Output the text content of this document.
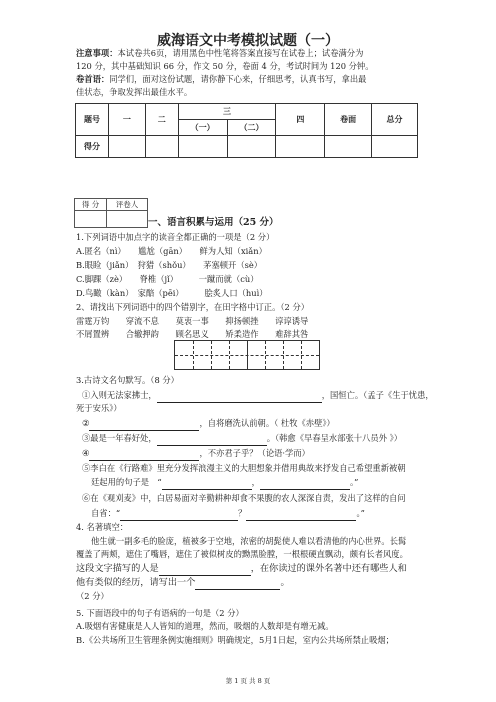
威海语文中考模拟试题（一）
注意事项：本试卷共6页，请用黑色中性笔将答案直接写在试卷上；试卷满分为
120 分，其中基础知识 66 分，作文 50 分，卷面 4 分，考试时间为 120 分钟。
卷首语：同学们，面对这份试题，请你静下心来，仔细思考，认真书写，拿出最
佳状态，争取发挥出最佳水平。
题号	一	二	三		四	卷面	总分
			（一）	（二）			
得分							
得 分	评卷人

一、语言积累与运用（25 分）
1.下列词语中加点字的读音全都正确的一项是（2 分）
A.匿名（nì）　　尴尬（gān）　　鲜为人知（xiǎn）
B.眼睑（jiǎn）　狩猎（shǒu）　　茅塞顿开（sè）
C.脚踝（zè）　　脊椎（jǐ）　　　一蹴而就（cù）
D.鸟瞰（kàn）　家醅（pēi）　　　脍炙人口（huì）
2、请找出下列词语中的四个错别字，在田字格中订正。（2 分）
雷霆万钧　　穿流不息　　莫衷一事　　抑扬顿挫　　谆谆诱导
不屑置辨　　合辙押韵　　顾名思义　　矫柔造作　　难辞其咎
3.古诗文名句默写。（8 分）
①入则无法家拂士，	，国恒亡。（孟子《生于忧患，
死于安乐》）
②	，自将磨洗认前朝。（ 杜牧《赤壁》）
③最是一年春好处，	。（韩愈《早春呈水部张十八员外 》）
④	，不亦君子乎？（论语·学而）
⑤李白在《行路难》里充分发挥浪漫主义的大胆想象并借用典故来抒发自己希望重新被朝
廷起用的句子是　“	，	。”
⑥在《观刈麦》中，白居易面对辛勤耕种却食不果腹的农人深深自责，发出了这样的自问
自省：“	？	。”
4. 名著填空：
他生就一副多毛的脸庞，植被多于空地，浓密的胡髭使人难以看清他的内心世界。长髯
覆盖了两颊，遮住了嘴唇，遮住了被似树皮的黝黑脸膛，一根根硬直飘动，颇有长者风度。
这段文字描写的人是	，在你读过的课外名著中还有哪些人和
他有类似的经历，请写出一个	。
（2 分）
5. 下面语段中的句子有语病的一句是（2 分）
A.吸烟有害健康是人人皆知的道理，然而，吸烟的人数却是有增无减。
B.《公共场所卫生管理条例实施细则》明确规定，5月1日起，室内公共场所禁止吸烟；
第 1 页 共 8 页
